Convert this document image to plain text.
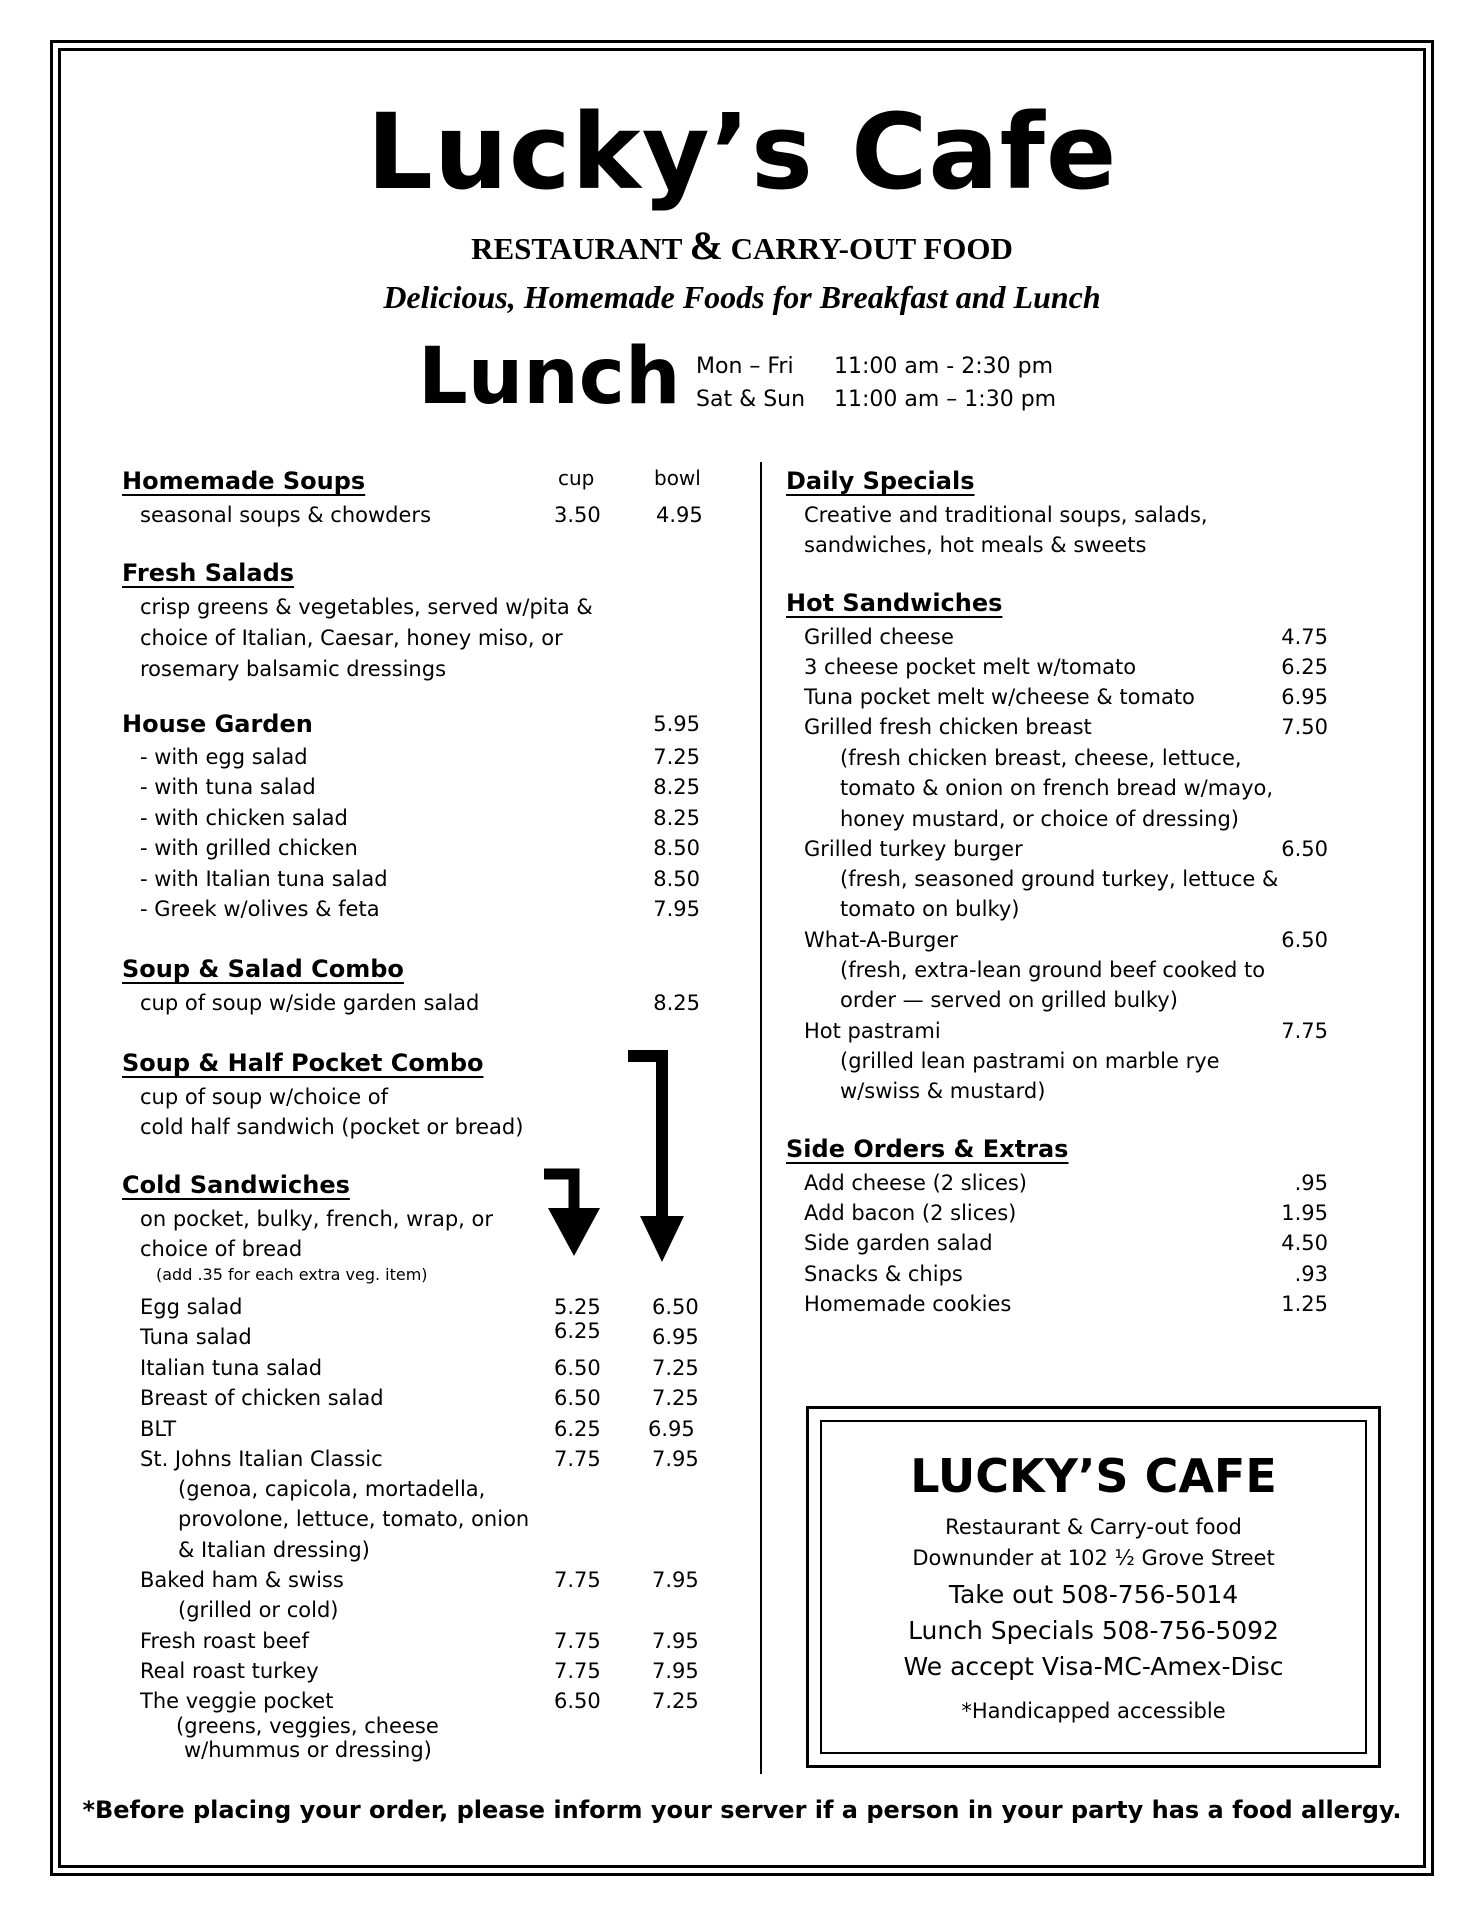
Lucky’s Cafe
RESTAURANT & CARRY-OUT FOOD
Delicious, Homemade Foods for Breakfast and Lunch
Lunch Mon – Fri 11:00 am - 2:30 pm
Sat & Sun 11:00 am – 1:30 pm
Homemade Soups	cup	bowl
seasonal soups & chowders	3.50	4.95
Fresh Salads
crisp greens & vegetables, served w/pita &
choice of Italian, Caesar, honey miso, or
rosemary balsamic dressings
House Garden	5.95
- with egg salad	7.25
- with tuna salad	8.25
- with chicken salad	8.25
- with grilled chicken	8.50
- with Italian tuna salad	8.50
- Greek w/olives & feta	7.95
Soup & Salad Combo
cup of soup w/side garden salad	8.25
Soup & Half Pocket Combo
cup of soup w/choice of
cold half sandwich (pocket or bread)
Cold Sandwiches
on pocket, bulky, french, wrap, or
choice of bread
(add .35 for each extra veg. item)
Egg salad	5.25 6.50
Tuna salad	6.25 6.95
Italian tuna salad	6.50 7.25
Breast of chicken salad	6.50 7.25
BLT	6.25 6.95
St. Johns Italian Classic	7.75 7.95
(genoa, capicola, mortadella,
provolone, lettuce, tomato, onion
& Italian dressing)
Baked ham & swiss	7.75 7.95
(grilled or cold)
Fresh roast beef	7.75 7.95
Real roast turkey	7.75 7.95
The veggie pocket	6.50 7.25
(greens, veggies, cheese
w/hummus or dressing)
Daily Specials
Creative and traditional soups, salads,
sandwiches, hot meals & sweets
Hot Sandwiches
Grilled cheese	4.75
3 cheese pocket melt w/tomato	6.25
Tuna pocket melt w/cheese & tomato	6.95
Grilled fresh chicken breast	7.50
(fresh chicken breast, cheese, lettuce,
tomato & onion on french bread w/mayo,
honey mustard, or choice of dressing)
Grilled turkey burger	6.50
(fresh, seasoned ground turkey, lettuce &
tomato on bulky)
What-A-Burger	6.50
(fresh, extra-lean ground beef cooked to
order — served on grilled bulky)
Hot pastrami	7.75
(grilled lean pastrami on marble rye
w/swiss & mustard)
Side Orders & Extras
Add cheese (2 slices)	.95
Add bacon (2 slices)	1.95
Side garden salad	4.50
Snacks & chips	.93
Homemade cookies	1.25
LUCKY’S CAFE
Restaurant & Carry-out food
Downunder at 102 ½ Grove Street
Take out 508-756-5014
Lunch Specials 508-756-5092
We accept Visa-MC-Amex-Disc
*Handicapped accessible
*Before placing your order, please inform your server if a person in your party has a food allergy.
